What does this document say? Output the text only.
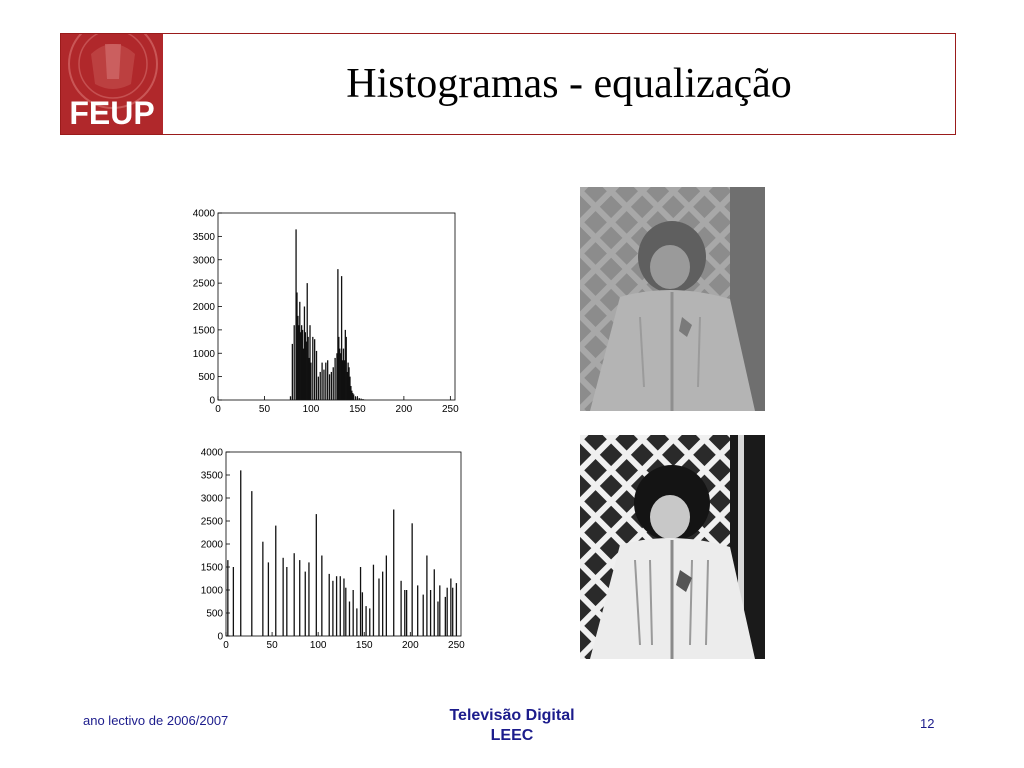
FEUP
Histogramas - equalização
0
500
1000
1500
2000
2500
3000
3500
4000
0	50	100	150	200	250
0
500
1000
1500
2000
2500
3000
3500
4000
0	50	100	150	200	250
ano lectivo de 2006/2007	Televisão Digital
LEEC
12
